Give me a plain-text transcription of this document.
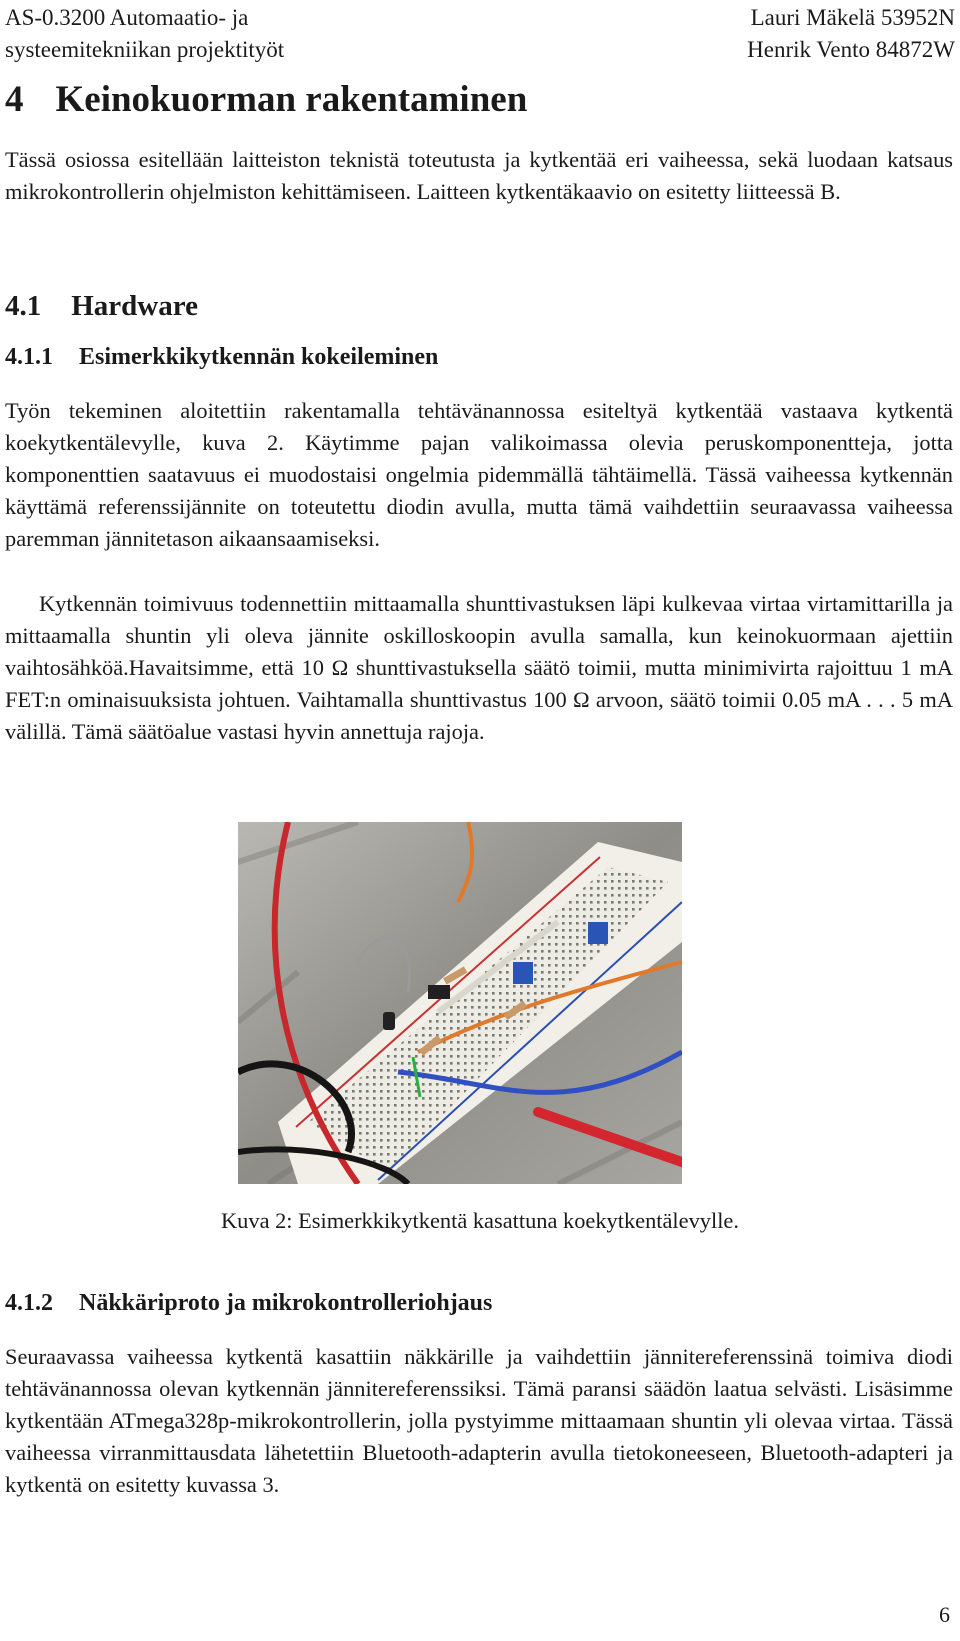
AS-0.3200 Automaatio- ja
systeemitekniikan projektityöt
Lauri Mäkelä 53952N
Henrik Vento 84872W
4 Keinokuorman rakentaminen

Tässä osiossa esitellään laitteiston teknistä toteutusta ja kytkentää eri vaiheessa, sekä luodaan katsaus mikrokontrollerin ohjelmiston kehittämiseen. Laitteen kytkentäkaavio on esitetty liitteessä B.

4.1 Hardware
4.1.1 Esimerkkikytkennän kokeileminen

Työn tekeminen aloitettiin rakentamalla tehtävänannossa esiteltyä kytkentää vastaava kytkentä koekytkentälevylle, kuva 2. Käytimme pajan valikoimassa olevia peruskomponentteja, jotta komponenttien saatavuus ei muodostaisi ongelmia pidemmällä tähtäimellä. Tässä vaiheessa kytkennän käyttämä referenssijännite on toteutettu diodin avulla, mutta tämä vaihdettiin seuraavassa vaiheessa paremman jännitetason aikaansaamiseksi.

Kytkennän toimivuus todennettiin mittaamalla shunttivastuksen läpi kulkevaa virtaa virtamittarilla ja mittaamalla shuntin yli oleva jännite oskilloskoopin avulla samalla, kun keinokuormaan ajettiin vaihtosähköä.Havaitsimme, että 10 Ω shunttivastuksella säätö toimii, mutta minimivirta rajoittuu 1 mA FET:n ominaisuuksista johtuen. Vaihtamalla shunttivastus 100 Ω arvoon, säätö toimii 0.05 mA . . . 5 mA välillä. Tämä säätöalue vastasi hyvin annettuja rajoja.

Kuva 2: Esimerkkikytkentä kasattuna koekytkentälevylle.
4.1.2 Näkkäriproto ja mikrokontrolleriohjaus

Seuraavassa vaiheessa kytkentä kasattiin näkkärille ja vaihdettiin jännitereferenssinä toimiva diodi tehtävänannossa olevan kytkennän jännitereferenssiksi. Tämä paransi säädön laatua selvästi. Lisäsimme kytkentään ATmega328p-mikrokontrollerin, jolla pystyimme mittaamaan shuntin yli olevaa virtaa. Tässä vaiheessa virranmittausdata lähetettiin Bluetooth-adapterin avulla tietokoneeseen, Bluetooth-adapteri ja kytkentä on esitetty kuvassa 3.

6
